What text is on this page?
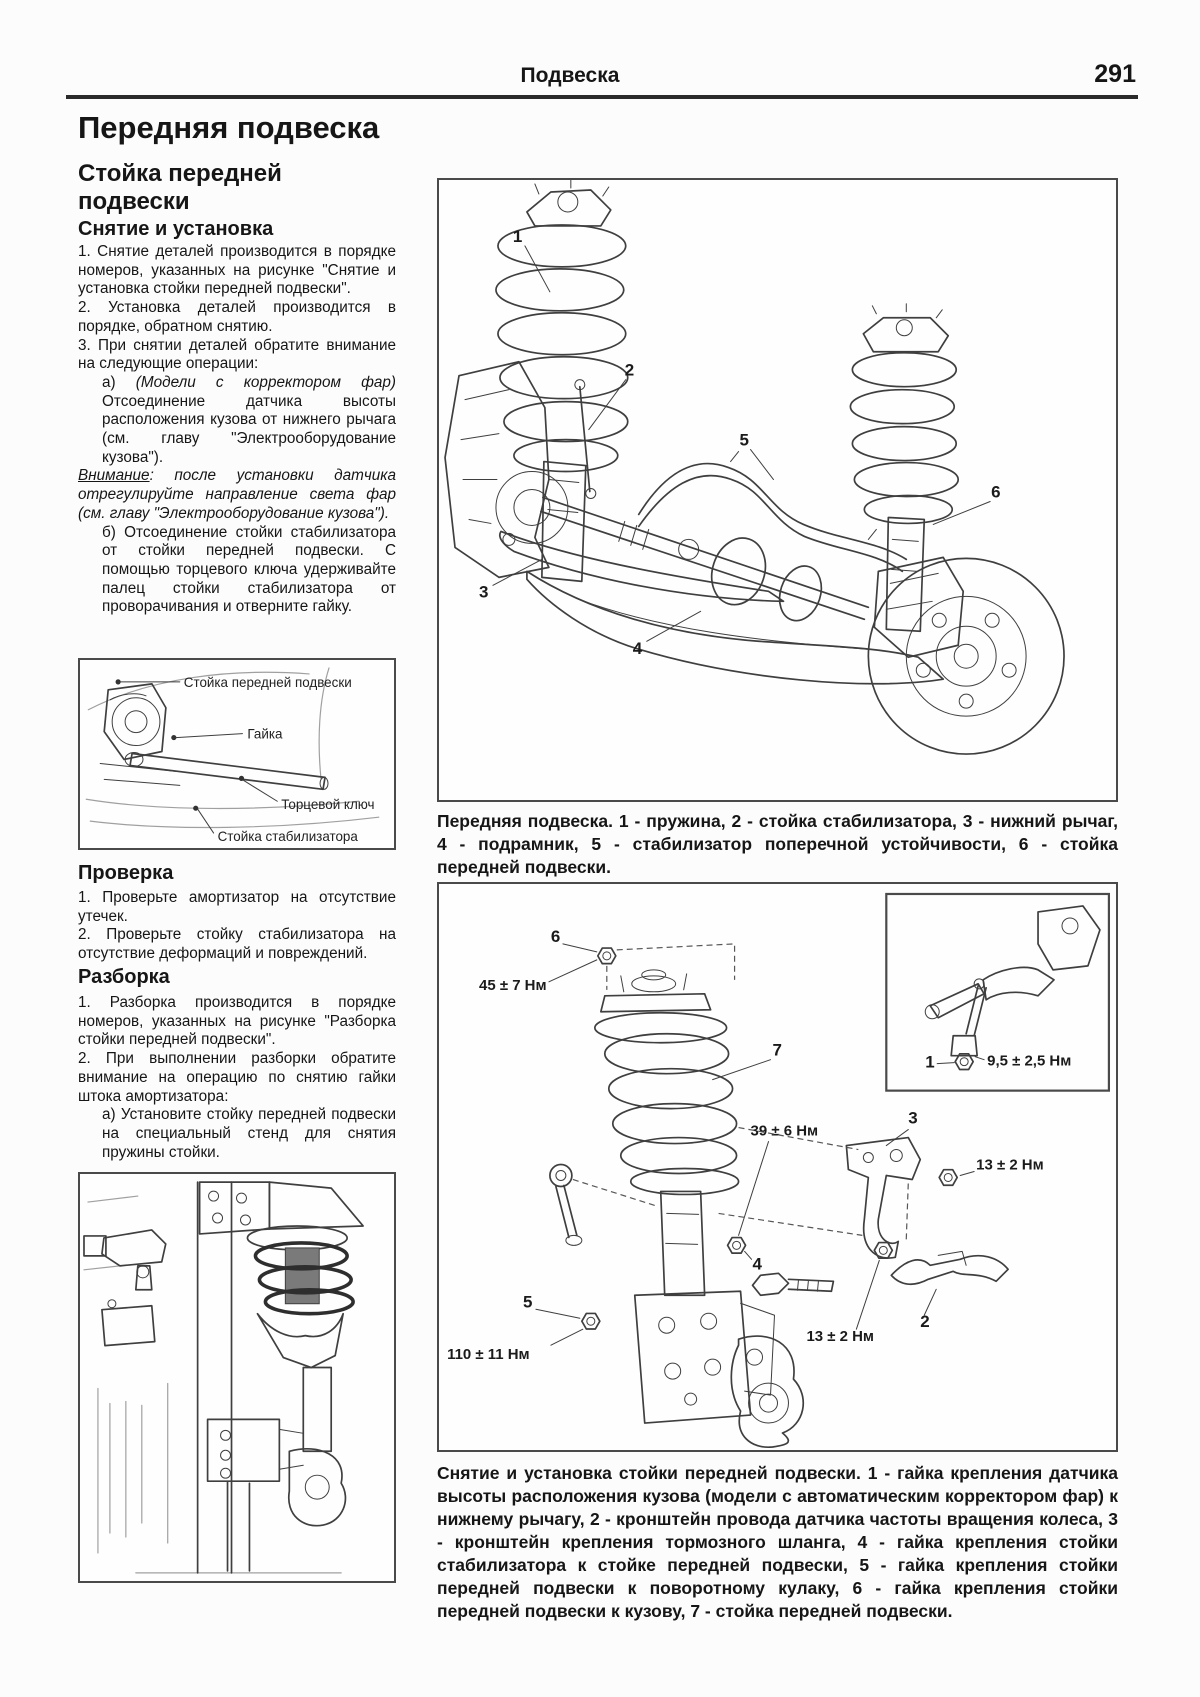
Подвеска	291
Передняя подвеска
Стойка передней подвески
Снятие и установка

1. Снятие деталей производится в порядке номеров, указанных на рисунке "Снятие и установка стойки передней подвески".

2. Установка деталей производится в порядке, обратном снятию.

3. При снятии деталей обратите внимание на следующие операции:

а) (Модели с корректором фар) Отсоединение датчика высоты расположения кузова от нижнего рычага (см. главу "Электрооборудование кузова").

Внимание: после установки датчика отрегулируйте направление света фар (см. главу "Электрооборудование кузова").

б) Отсоединение стойки стабилизатора от стойки передней подвески. С помощью торцевого ключа удерживайте палец стойки стабилизатора от проворачивания и отверните гайку.

Стойка передней подвески
Гайка
Торцевой ключ
Стойка стабилизатора
Проверка

1. Проверьте амортизатор на отсутствие утечек.

2. Проверьте стойку стабилизатора на отсутствие деформаций и повреждений.

Разборка

1. Разборка производится в порядке номеров, указанных на рисунке "Разборка стойки передней подвески".

2. При выполнении разборки обратите внимание на операцию по снятию гайки штока амортизатора:

а) Установите стойку передней подвески на специальный стенд для снятия пружины стойки.

1
2
3
4
5
6
Передняя подвеска. 1 - пружина, 2 - стойка стабилизатора, 3 - нижний рычаг, 4 - подрамник, 5 - стабилизатор поперечной устойчивости, 6 - стойка передней подвески.
1	9,5 ± 2,5 Нм
6
45 ± 7 Нм
7
39 ± 6 Нм
4
5
110 ± 11 Нм
3
13 ± 2 Нм
2
13 ± 2 Нм
Снятие и установка стойки передней подвески. 1 - гайка крепления датчика высоты расположения кузова (модели с автоматическим корректором фар) к нижнему рычагу, 2 - кронштейн провода датчика частоты вращения колеса, 3 - кронштейн крепления тормозного шланга, 4 - гайка крепления стойки стабилизатора к стойке передней подвески, 5 - гайка крепления стойки передней подвески к поворотному кулаку, 6 - гайка крепления стойки передней подвески к кузову, 7 - стойка передней подвески.
